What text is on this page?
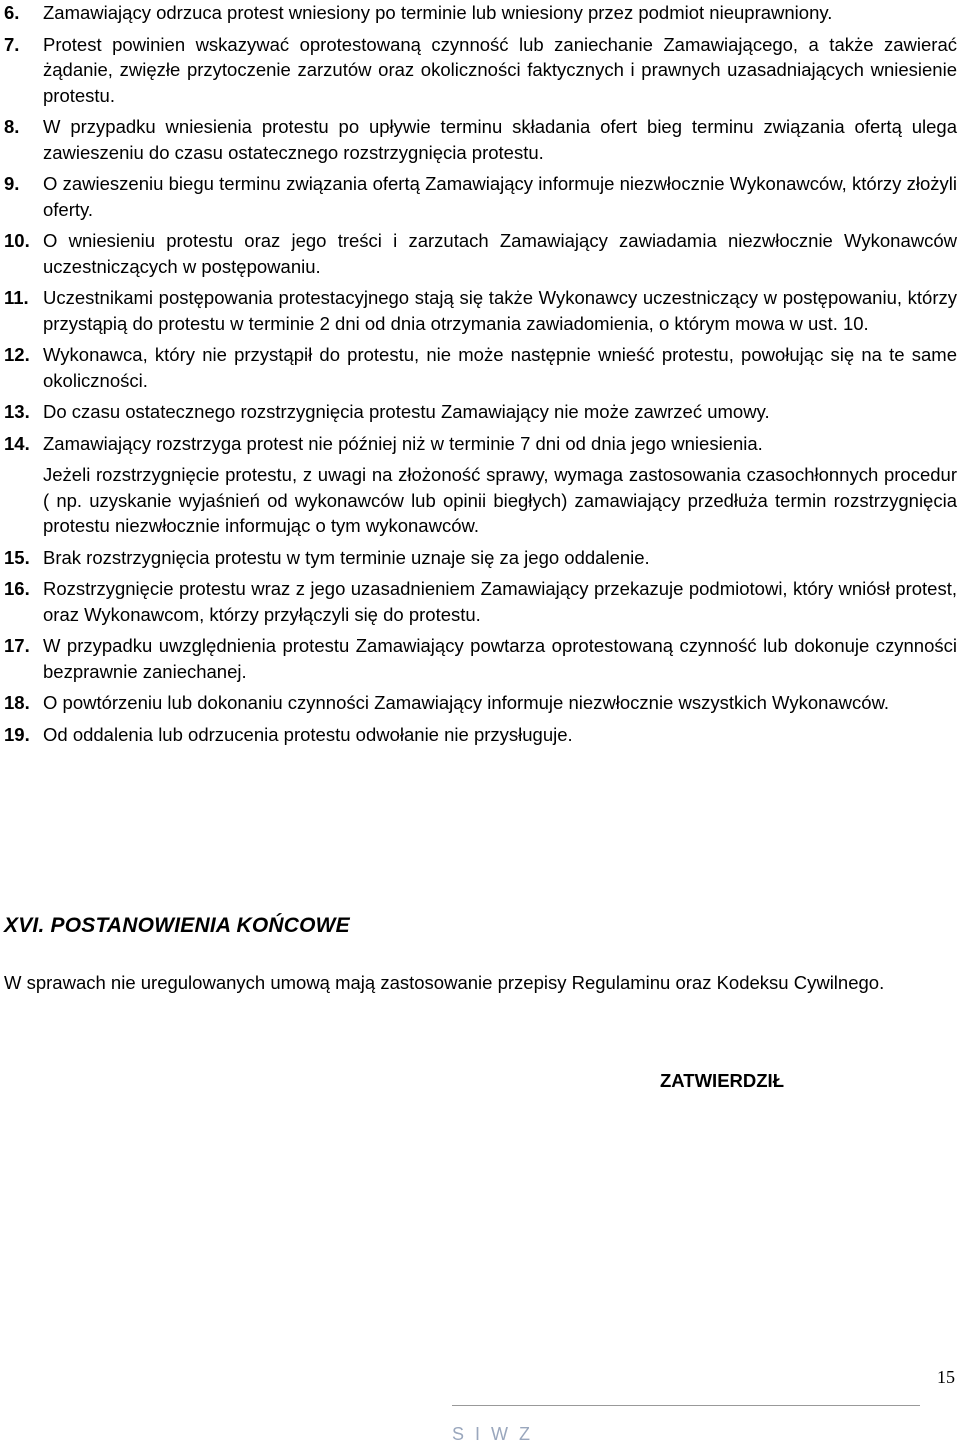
6.	Zamawiający odrzuca protest wniesiony po terminie lub wniesiony przez podmiot nieuprawniony.
7.	Protest powinien wskazywać oprotestowaną czynność lub zaniechanie Zamawiającego, a także zawierać żądanie, zwięzłe przytoczenie zarzutów oraz okoliczności faktycznych i prawnych uzasadniających wniesienie protestu.
8.	W przypadku wniesienia protestu po upływie terminu składania ofert bieg terminu związania ofertą ulega zawieszeniu do czasu ostatecznego rozstrzygnięcia protestu.
9.	O zawieszeniu biegu terminu związania ofertą Zamawiający informuje niezwłocznie Wykonawców, którzy złożyli oferty.
10. O wniesieniu protestu oraz jego treści i zarzutach Zamawiający zawiadamia niezwłocznie Wykonawców uczestniczących w postępowaniu.
11. Uczestnikami postępowania protestacyjnego stają się także Wykonawcy uczestniczący w postępowaniu, którzy przystąpią do protestu w terminie 2 dni od dnia otrzymania zawiadomienia, o którym mowa w ust. 10.
12. Wykonawca, który nie przystąpił do protestu, nie może następnie wnieść protestu, powołując się na te same okoliczności.
13. Do czasu ostatecznego rozstrzygnięcia protestu Zamawiający nie może zawrzeć umowy.
14. Zamawiający rozstrzyga protest nie później niż w terminie 7 dni od dnia jego wniesienia.
Jeżeli rozstrzygnięcie protestu, z uwagi na złożoność sprawy, wymaga zastosowania czasochłonnych procedur ( np. uzyskanie wyjaśnień od wykonawców lub opinii biegłych) zamawiający przedłuża termin rozstrzygnięcia protestu niezwłocznie informując o tym wykonawców.
15. Brak rozstrzygnięcia protestu w tym terminie uznaje się za jego oddalenie.
16. Rozstrzygnięcie protestu wraz z jego uzasadnieniem Zamawiający przekazuje podmiotowi, który wniósł protest, oraz Wykonawcom, którzy przyłączyli się do protestu.
17. W przypadku uwzględnienia protestu Zamawiający powtarza oprotestowaną czynność lub dokonuje czynności bezprawnie zaniechanej.
18. O powtórzeniu lub dokonaniu czynności Zamawiający informuje niezwłocznie wszystkich Wykonawców.
19. Od oddalenia lub odrzucenia protestu odwołanie nie przysługuje.
XVI. POSTANOWIENIA KOŃCOWE
W sprawach nie uregulowanych umową mają zastosowanie przepisy Regulaminu oraz Kodeksu Cywilnego.
ZATWIERDZIŁ
15
S I W Z
